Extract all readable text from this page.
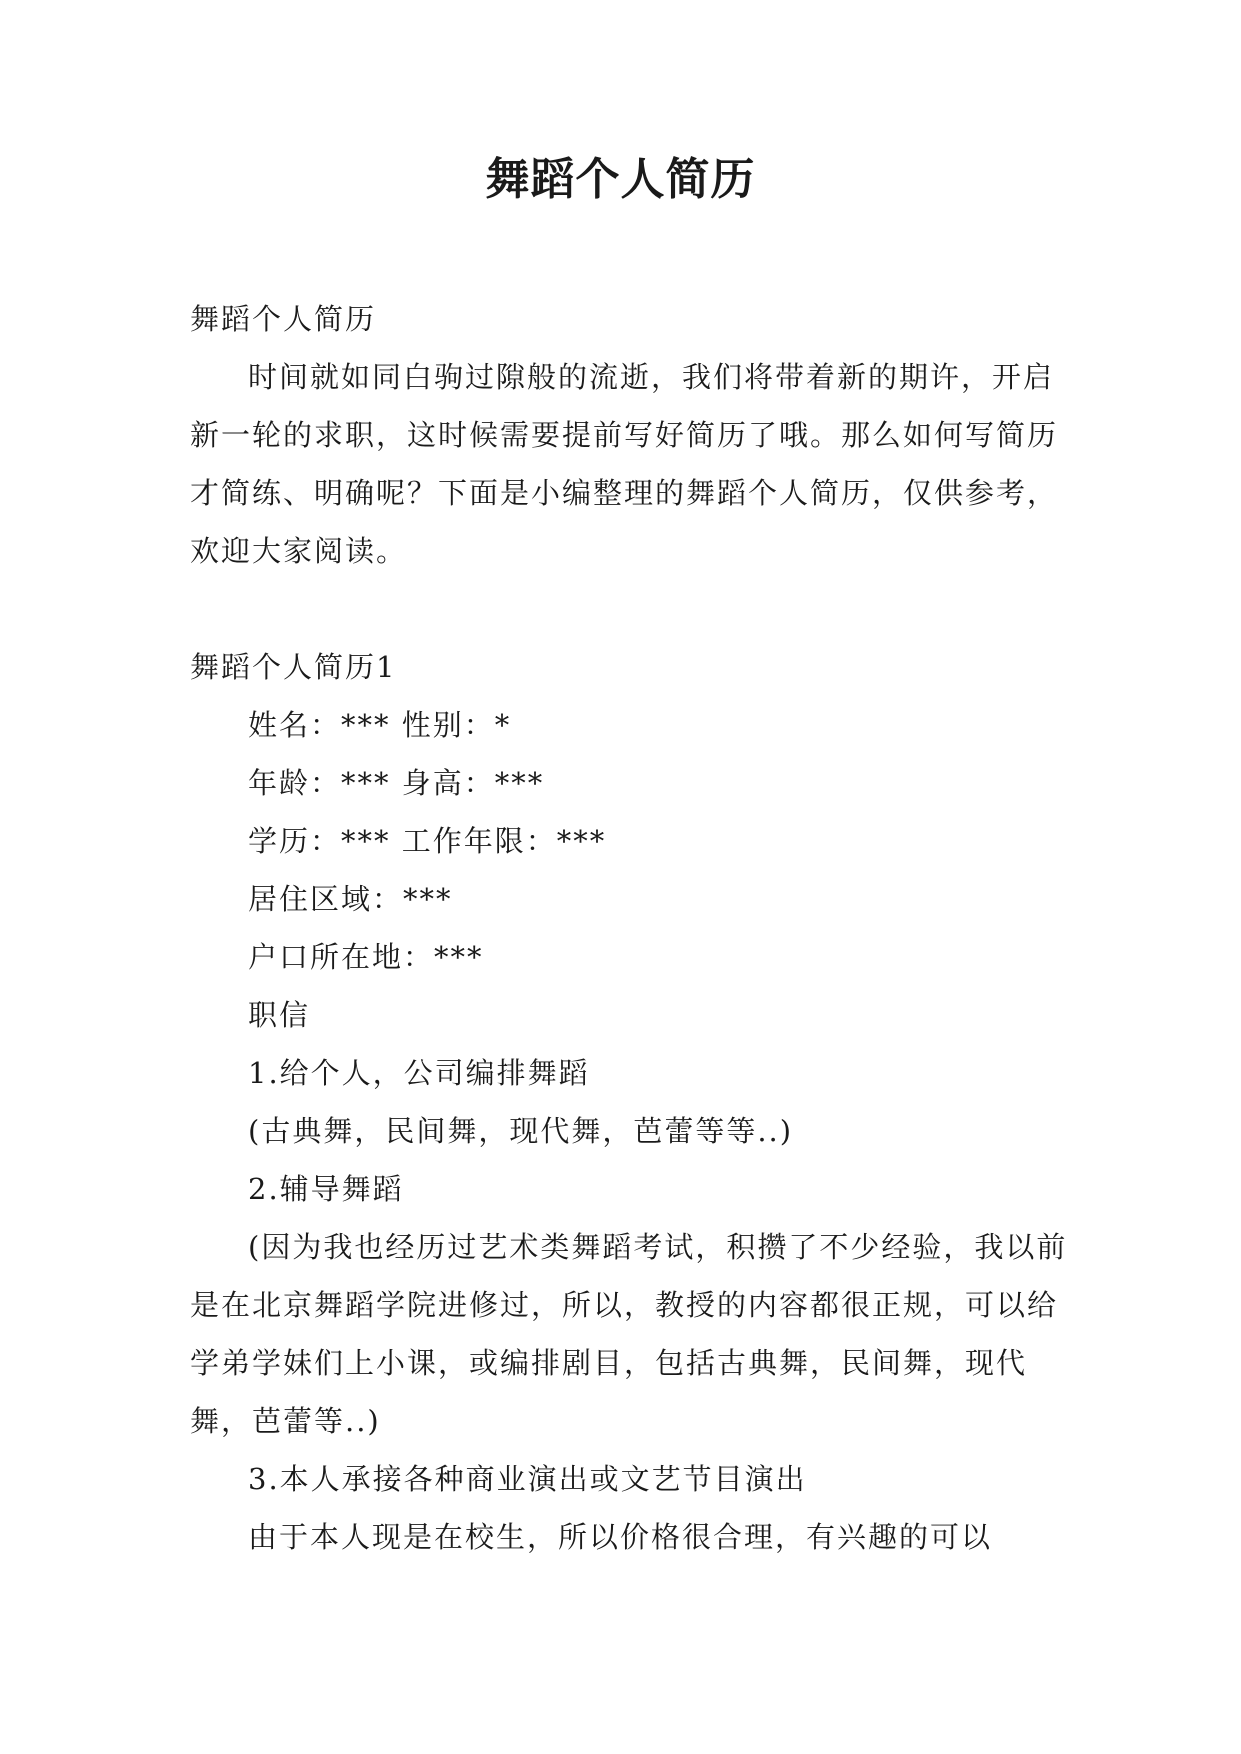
舞蹈个人简历

舞蹈个人简历

时间就如同白驹过隙般的流逝，我们将带着新的期许，开启新一轮的求职，这时候需要提前写好简历了哦。那么如何写简历才简练、明确呢？下面是小编整理的舞蹈个人简历，仅供参考，欢迎大家阅读。

舞蹈个人简历1

姓名：*** 性别：*

年龄：*** 身高：***

学历：*** 工作年限：***

居住区域：***

户口所在地：***

职信

1.给个人，公司编排舞蹈

(古典舞，民间舞，现代舞，芭蕾等等..)

2.辅导舞蹈

(因为我也经历过艺术类舞蹈考试，积攒了不少经验，我以前是在北京舞蹈学院进修过，所以，教授的内容都很正规，可以给学弟学妹们上小课，或编排剧目，包括古典舞，民间舞，现代舞，芭蕾等..)

3.本人承接各种商业演出或文艺节目演出

由于本人现是在校生，所以价格很合理，有兴趣的可以
